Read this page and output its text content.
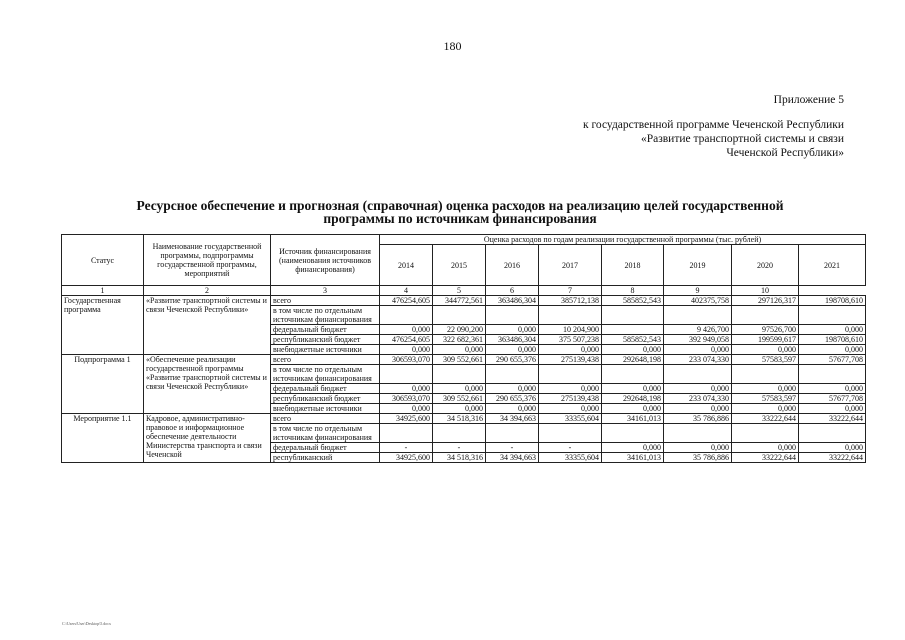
180
Приложение 5
к государственной программе Чеченской Республики
«Развитие транспортной системы и связи
Чеченской Республики»
Ресурсное обеспечение и прогнозная (справочная) оценка расходов на реализацию целей государственной
программы по источникам финансирования
Статус	Наименование государственной программы, подпрограммы государственной программы, мероприятий	Источник финансирования (наименования источников финансирования)	Оценка расходов по годам реализации государственной программы (тыс. рублей)							
			2014	2015	2016	2017	2018	2019	2020	2021
1	2	3	4	5	6	7	8	9	10	
Государственная программа	«Развитие транспортной системы и связи Чеченской Республики»	всего	476254,605	344772,561	363486,304	385712,138	585852,543	402375,758	297126,317	198708,610
		в том числе по отдельным источникам финансирования								
		федеральный бюджет	0,000	22 090,200	0,000	10 204,900		9 426,700	97526,700	0,000
		республиканский бюджет	476254,605	322 682,361	363486,304	375 507,238	585852,543	392 949,058	199599,617	198708,610
		внебюджетные источники	0,000	0,000	0,000	0,000	0,000	0,000	0,000	0,000
Подпрограмма 1	«Обеспечение реализации государственной программы «Развитие транспортной системы и связи Чеченской Республики»	всего	306593,070	309 552,661	290 655,376	275139,438	292648,198	233 074,330	57583,597	57677,708
		в том числе по отдельным источникам финансирования								
		федеральный бюджет	0,000	0,000	0,000	0,000	0,000	0,000	0,000	0,000
		республиканский бюджет	306593,070	309 552,661	290 655,376	275139,438	292648,198	233 074,330	57583,597	57677,708
		внебюджетные источники	0,000	0,000	0,000	0,000	0,000	0,000	0,000	0,000
Мероприятие 1.1	Кадровое, административно-правовое и информационное обеспечение деятельности Министерства транспорта и связи Чеченской	всего	34925,600	34 518,316	34 394,663	33355,604	34161,013	35 786,886	33222,644	33222,644
		в том числе по отдельным источникам финансирования								
		федеральный бюджет	-	-	-	-	0,000	0,000	0,000	0,000
		республиканский	34925,600	34 518,316	34 394,663	33355,604	34161,013	35 786,886	33222,644	33222,644
C:\Users\User\Desktop\5.docx
